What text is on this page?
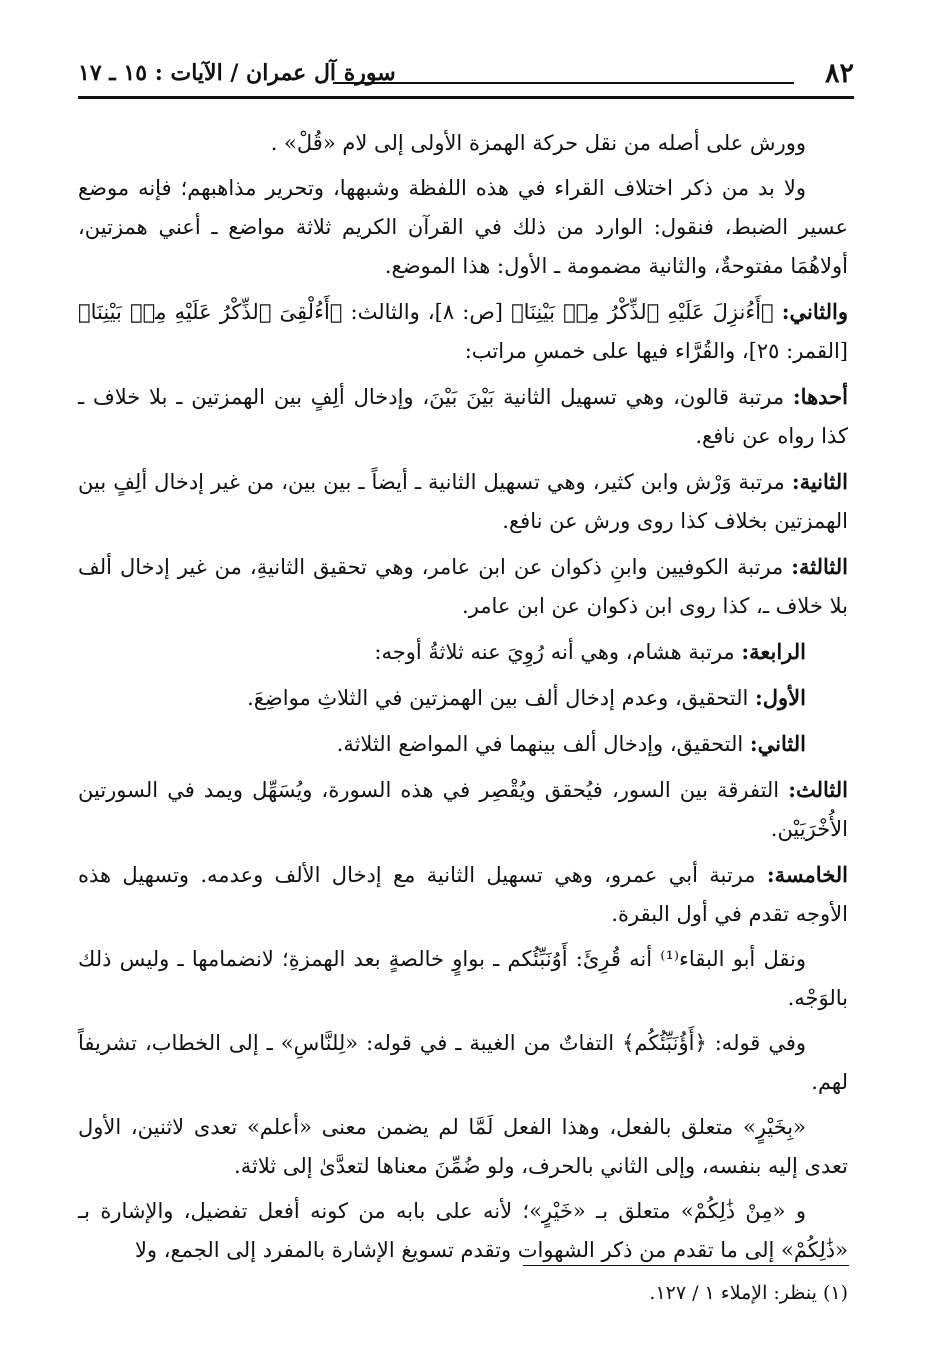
٨٢
سورة آل عمران / الآيات : ١٥ ـ ١٧

وورش على أصله من نقل حركة الهمزة الأولى إلى لام «قُلْ» .

ولا بد من ذكر اختلاف القراء في هذه اللفظة وشبهها، وتحرير مذاهبهم؛ فإنه موضع عسير الضبط، فنقول: الوارد من ذلك في القرآن الكريم ثلاثة مواضع ـ أعني همزتين، أولاهُمَا مفتوحةٌ، والثانية مضمومة ـ الأول: هذا الموضع.

والثاني: ﴿أَءُنزِلَ عَلَيْهِ ٱلذِّكْرُ مِنۢ بَيْنِنَا﴾ [ص: ٨]، والثالث: ﴿أَءُلْقِىَ ٱلذِّكْرُ عَلَيْهِ مِنۢ بَيْنِنَا﴾ [القمر: ٢٥]، والقُرَّاء فيها على خمسِ مراتب:

أحدها: مرتبة قالون، وهي تسهيل الثانية بَيْنَ بَيْنَ، وإدخال ألِفٍ بين الهمزتين ـ بلا خلاف ـ كذا رواه عن نافع.

الثانية: مرتبة وَرْش وابن كثير، وهي تسهيل الثانية ـ أيضاً ـ بين بين، من غير إدخال ألِفٍ بين الهمزتين بخلاف كذا روى ورش عن نافع.

الثالثة: مرتبة الكوفيين وابنِ ذكوان عن ابن عامر، وهي تحقيق الثانيةِ، من غير إدخال ألف بلا خلاف ـ، كذا روى ابن ذكوان عن ابن عامر.

الرابعة: مرتبة هشام، وهي أنه رُوِيَ عنه ثلاثةُ أوجه:

الأول: التحقيق، وعدم إدخال ألف بين الهمزتين في الثلاثِ مواضِعَ.

الثاني: التحقيق، وإدخال ألف بينهما في المواضع الثلاثة.

الثالث: التفرقة بين السور، فيُحقق ويُقْصِر في هذه السورة، ويُسَهِّل ويمد في السورتين الأُخْرَيَيْن.

الخامسة: مرتبة أبي عمرو، وهي تسهيل الثانية مع إدخال الألف وعدمه. وتسهيل هذه الأوجه تقدم في أول البقرة.

ونقل أبو البقاء⁽¹⁾ أنه قُرِئَ: أَوُنَبِّئُكم ـ بواوٍ خالصةٍ بعد الهمزةِ؛ لانضمامها ـ وليس ذلك بالوَجْه.

وفي قوله: ﴿أَؤُنَبِّئُكُم﴾ التفاتٌ من الغيبة ـ في قوله: «لِلنَّاسِ» ـ إلى الخطاب، تشريفاً لهم.

«بِخَيْرٍ» متعلق بالفعل، وهذا الفعل لَمَّا لم يضمن معنى «أعلم» تعدى لاثنين، الأول تعدى إليه بنفسه، وإلى الثاني بالحرف، ولو ضُمِّنَ معناها لتعدَّىٰ إلى ثلاثة.

و «مِنْ ذَٰلِكُمْ» متعلق بـ «خَيْرٍ»؛ لأنه على بابه من كونه أفعل تفضيل، والإشارة بـ «ذَٰلِكُمْ» إلى ما تقدم من ذكر الشهوات وتقدم تسويغ الإشارة بالمفرد إلى الجمع، ولا

(١) ينظر: الإملاء ١ / ١٢٧.
